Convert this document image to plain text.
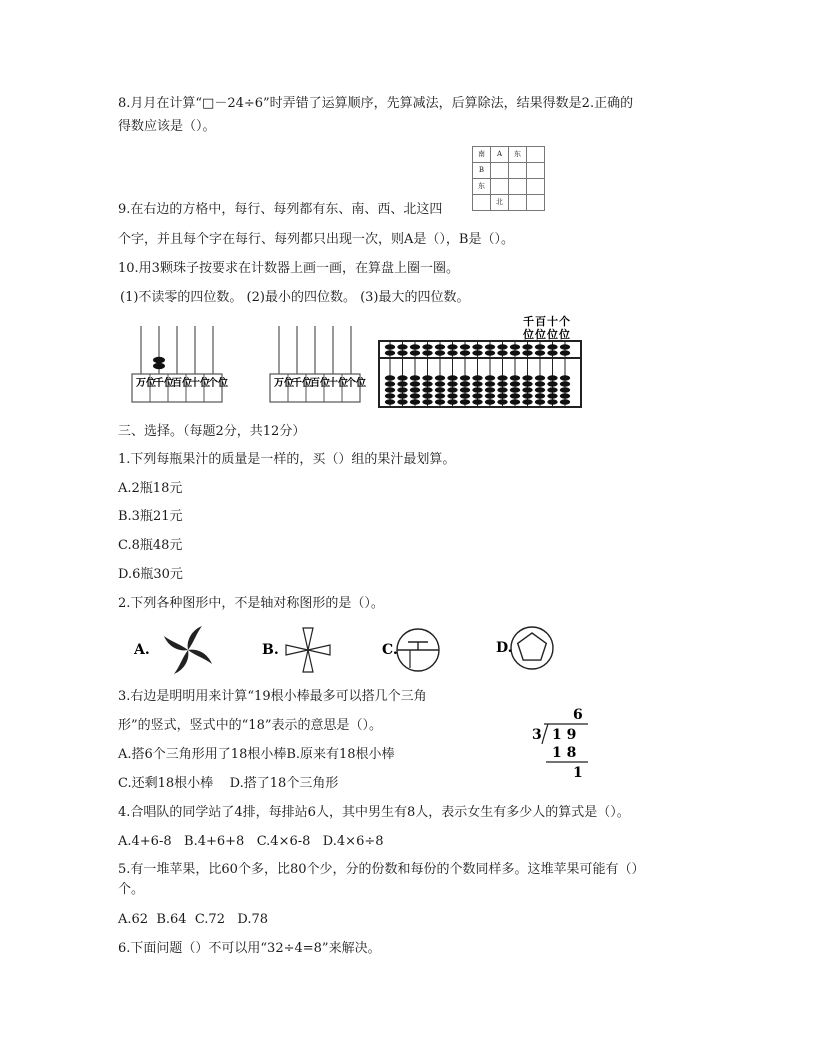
8.月月在计算“□－24÷6”时弄错了运算顺序，先算减法，后算除法，结果得数是2.正确的
得数应该是（）。
南	A	东	
B			
东			
	北		
9.在右边的方格中，每行、每列都有东、南、西、北这四
个字，并且每个字在每行、每列都只出现一次，则A是（），B是（）。
10.用3颗珠子按要求在计数器上画一画，在算盘上圈一圈。
(1)不读零的四位数。 (2)最小的四位数。 (3)最大的四位数。
万位
千位
百位
十位
个位	万位
千位
百位
十位
个位
千 百 十 个
位 位 位 位
三、选择。（每题2分，共12分）
1.下列每瓶果汁的质量是一样的，买（）组的果汁最划算。
A.2瓶18元
B.3瓶21元
C.8瓶48元
D.6瓶30元
2.下列各种图形中，不是轴对称图形的是（）。
A.	B.	C.	D.
3.右边是明明用来计算“19根小棒最多可以搭几个三角
形”的竖式，竖式中的“18”表示的意思是（）。
A.搭6个三角形用了18根小棒B.原来有18根小棒
C.还剩18根小棒    D.搭了18个三角形
6
3 1 9
1 8
1
4.合唱队的同学站了4排，每排站6人，其中男生有8人，表示女生有多少人的算式是（）。
A.4+6-8   B.4+6+8   C.4×6-8   D.4×6÷8
5.有一堆苹果，比60个多，比80个少，分的份数和每份的个数同样多。这堆苹果可能有（）
个。
A.62  B.64  C.72   D.78
6.下面问题（）不可以用“32÷4=8”来解决。
